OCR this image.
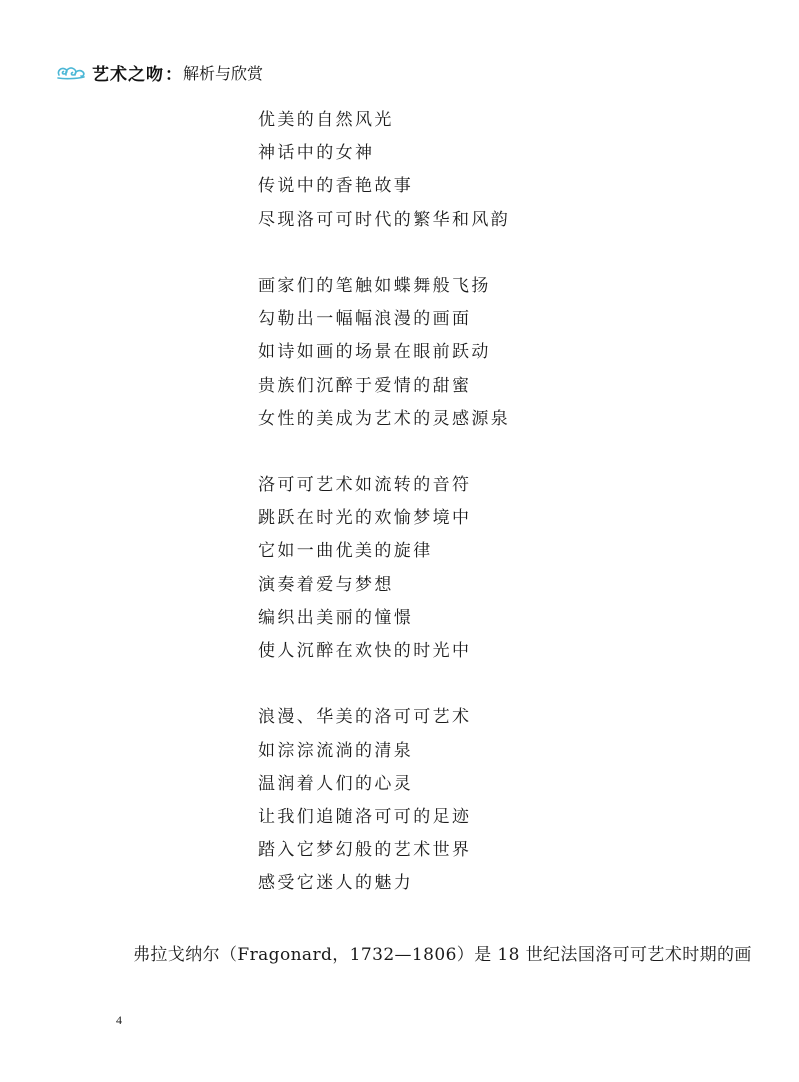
艺术之吻 ： 解析与欣赏
优美的自然风光
神话中的女神
传说中的香艳故事
尽现洛可可时代的繁华和风韵
画家们的笔触如蝶舞般飞扬
勾勒出一幅幅浪漫的画面
如诗如画的场景在眼前跃动
贵族们沉醉于爱情的甜蜜
女性的美成为艺术的灵感源泉
洛可可艺术如流转的音符
跳跃在时光的欢愉梦境中
它如一曲优美的旋律
演奏着爱与梦想
编织出美丽的憧憬
使人沉醉在欢快的时光中
浪漫、华美的洛可可艺术
如淙淙流淌的清泉
温润着人们的心灵
让我们追随洛可可的足迹
踏入它梦幻般的艺术世界
感受它迷人的魅力
弗拉戈纳尔（Fragonard，1732—1806）是 18 世纪法国洛可可艺术时期的画
4
